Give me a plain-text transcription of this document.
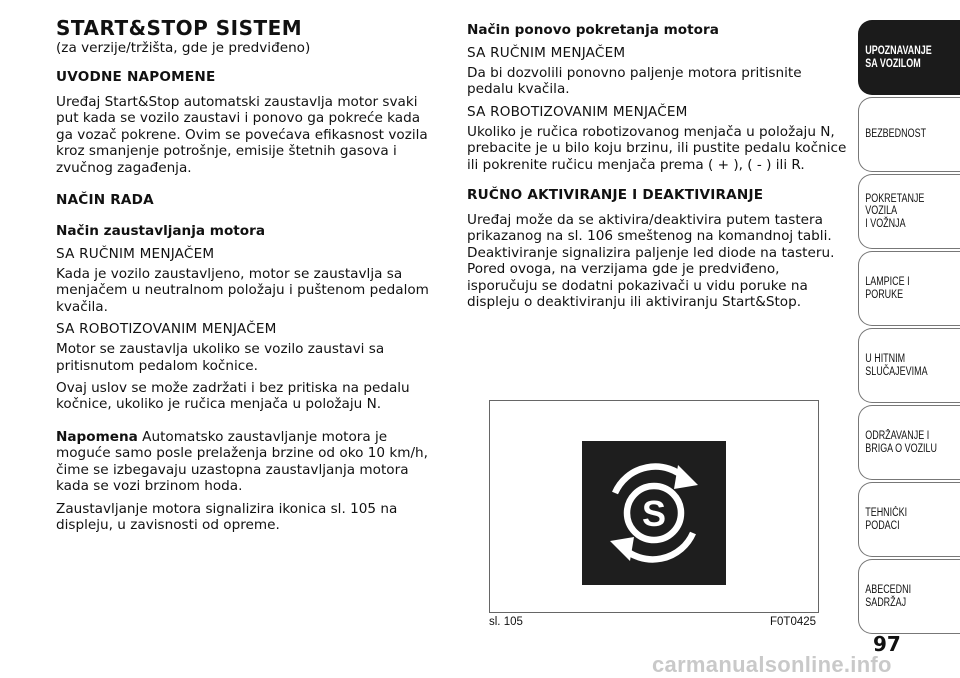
START&STOP SISTEM
(za verzije/tržišta, gde je predviđeno)
UVODNE NAPOMENE

Uređaj Start&Stop automatski zaustavlja motor svaki put kada se vozilo zaustavi i ponovo ga pokreće kada ga vozač pokrene. Ovim se povećava efikasnost vozila kroz smanjenje potrošnje, emisije štetnih gasova i zvučnog zagađenja.

NAČIN RADA
Način zaustavljanja motora
SA RUČNIM MENJAČEM

Kada je vozilo zaustavljeno, motor se zaustavlja sa menjačem u neutralnom položaju i puštenom pedalom kvačila.

SA ROBOTIZOVANIM MENJAČEM

Motor se zaustavlja ukoliko se vozilo zaustavi sa pritisnutom pedalom kočnice.

Ovaj uslov se može zadržati i bez pritiska na pedalu kočnice, ukoliko je ručica menjača u položaju N.

Napomena Automatsko zaustavljanje motora je moguće samo posle prelaženja brzine od oko 10 km/h, čime se izbegavaju uzastopna zaustavljanja motora kada se vozi brzinom hoda.

Zaustavljanje motora signalizira ikonica sl. 105 na displeju, u zavisnosti od opreme.

Način ponovo pokretanja motora
SA RUČNIM MENJAČEM

Da bi dozvolili ponovno paljenje motora pritisnite pedalu kvačila.

SA ROBOTIZOVANIM MENJAČEM

Ukoliko je ručica robotizovanog menjača u položaju N, prebacite je u bilo koju brzinu, ili pustite pedalu kočnice ili pokrenite ručicu menjača prema ( + ), ( - ) ili R.

RUČNO AKTIVIRANJE I DEAKTIVIRANJE

Uređaj može da se aktivira/deaktivira putem tastera prikazanog na sl. 106 smeštenog na komandnoj tabli. Deaktiviranje signalizira paljenje led diode na tasteru. Pored ovoga, na verzijama gde je predviđeno, isporučuju se dodatni pokazivači u vidu poruke na displeju o deaktiviranju ili aktiviranju Start&Stop.

S
sl. 105	F0T0425
UPOZNAVANJE
SA VOZILOM
BEZBEDNOST
POKRETANJE VOZILA
I VOŽNJA
LAMPICE I PORUKE
U HITNIM
SLUČAJEVIMA
ODRŽAVANJE I
BRIGA O VOZILU
TEHNIČKI PODACI
ABECEDNI SADRŽAJ
97
carmanualsonline.info
